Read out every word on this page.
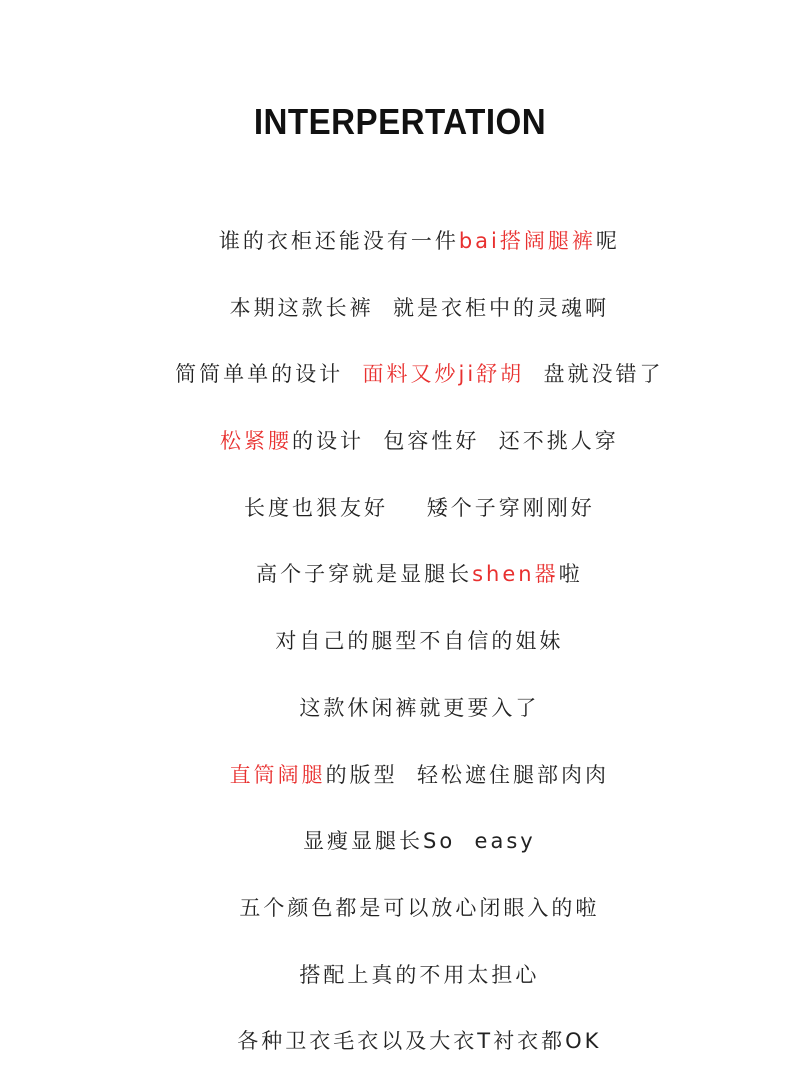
INTERPERTATION

谁的衣柜还能没有一件bai搭阔腿裤呢

本期这款长裤  就是衣柜中的灵魂啊

简简单单的设计  面料又炒ji舒胡  盘就没错了

松紧腰的设计  包容性好  还不挑人穿

长度也狠友好    矮个子穿刚刚好

高个子穿就是显腿长shen器啦

对自己的腿型不自信的姐妹

这款休闲裤就更要入了

直筒阔腿的版型  轻松遮住腿部肉肉

显瘦显腿长So  easy

五个颜色都是可以放心闭眼入的啦

搭配上真的不用太担心

各种卫衣毛衣以及大衣T衬衣都OK
